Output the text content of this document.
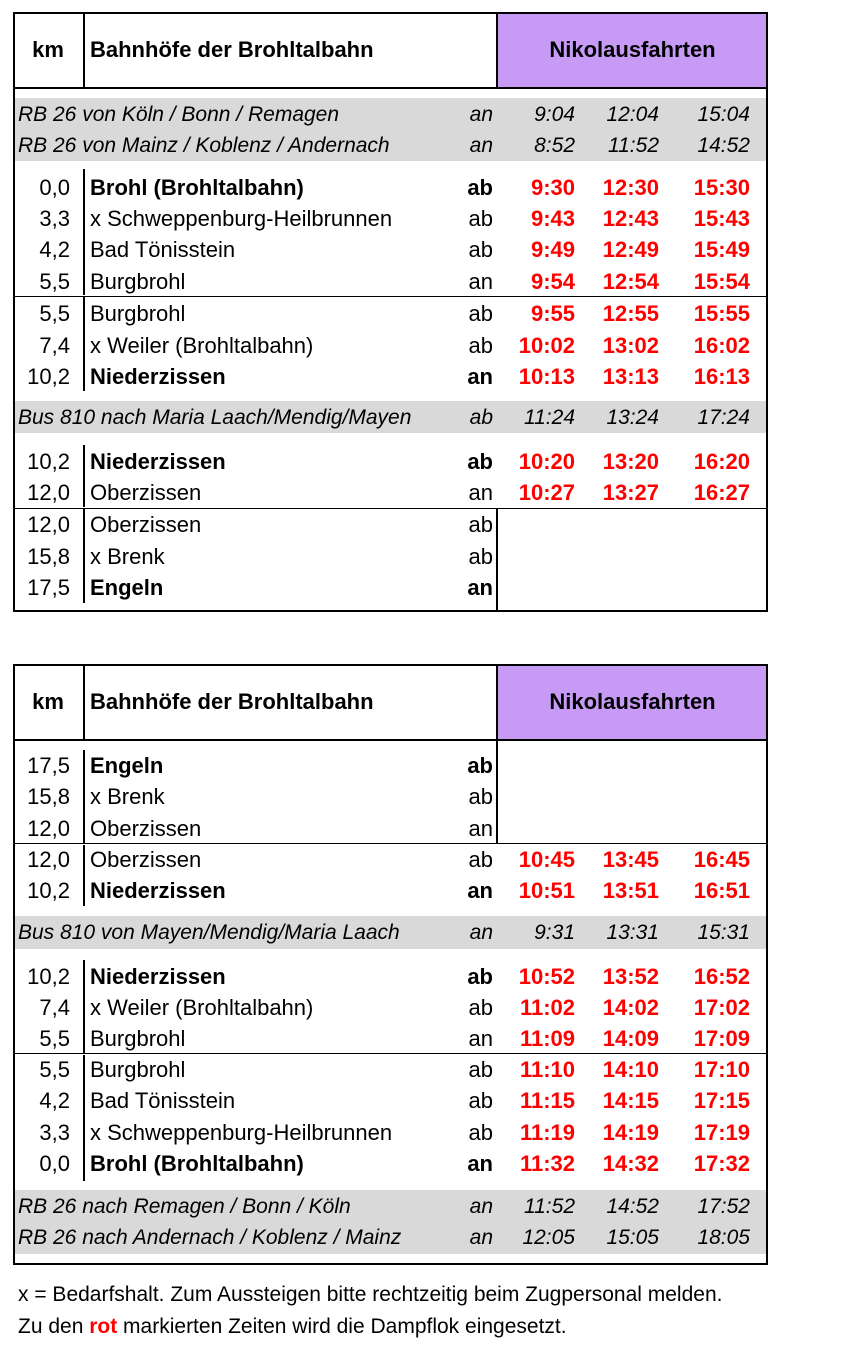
km	Bahnhöfe der Brohltalbahn	Nikolausfahrten
RB 26 von Köln / Bonn / Remagen	an	9:04	12:04	15:04
RB 26 von Mainz / Koblenz / Andernach	an	8:52	11:52	14:52
0,0 Brohl (Brohltalbahn)	ab	9:30	12:30	15:30
3,3 x Schweppenburg-Heilbrunnen	ab	9:43	12:43	15:43
4,2 Bad Tönisstein	ab	9:49	12:49	15:49
5,5 Burgbrohl	an	9:54	12:54	15:54
5,5 Burgbrohl	ab	9:55	12:55	15:55
7,4 x Weiler (Brohltalbahn)	ab	10:02	13:02	16:02
10,2 Niederzissen	an	10:13	13:13	16:13
Bus 810 nach Maria Laach/Mendig/Mayen	ab	11:24	13:24	17:24
10,2 Niederzissen	ab	10:20	13:20	16:20
12,0 Oberzissen	an	10:27	13:27	16:27
12,0 Oberzissen	ab
15,8 x Brenk	ab
17,5 Engeln	an
km	Bahnhöfe der Brohltalbahn	Nikolausfahrten
17,5 Engeln	ab
15,8 x Brenk	ab
12,0 Oberzissen	an
12,0 Oberzissen	ab	10:45	13:45	16:45
10,2 Niederzissen	an	10:51	13:51	16:51
Bus 810 von Mayen/Mendig/Maria Laach	an	9:31	13:31	15:31
10,2 Niederzissen	ab	10:52	13:52	16:52
7,4 x Weiler (Brohltalbahn)	ab	11:02	14:02	17:02
5,5 Burgbrohl	an	11:09	14:09	17:09
5,5 Burgbrohl	ab	11:10	14:10	17:10
4,2 Bad Tönisstein	ab	11:15	14:15	17:15
3,3 x Schweppenburg-Heilbrunnen	ab	11:19	14:19	17:19
0,0 Brohl (Brohltalbahn)	an	11:32	14:32	17:32
RB 26 nach Remagen / Bonn / Köln	an	11:52	14:52	17:52
RB 26 nach Andernach / Koblenz / Mainz	an	12:05	15:05	18:05
x = Bedarfshalt. Zum Aussteigen bitte rechtzeitig beim Zugpersonal melden.
Zu den rot markierten Zeiten wird die Dampflok eingesetzt.
